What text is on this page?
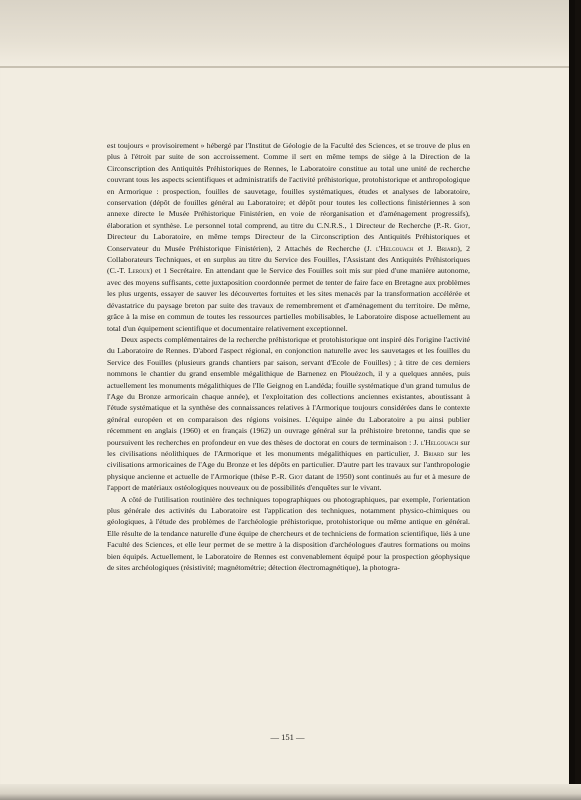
est toujours « provisoirement » hébergé par l'Institut de Géologie de la Faculté des Sciences, et se trouve de plus en plus à l'étroit par suite de son accroissement. Comme il sert en même temps de siège à la Direction de la Circonscription des Antiquités Préhistoriques de Rennes, le Laboratoire constitue au total une unité de recherche couvrant tous les aspects scientifiques et administratifs de l'activité préhistorique, protohistorique et anthropologique en Armorique : prospection, fouilles de sauvetage, fouilles systématiques, études et analyses de laboratoire, conservation (dépôt de fouilles général au Laboratoire; et dépôt pour toutes les collections finistériennes à son annexe directe le Musée Préhistorique Finistérien, en voie de réorganisation et d'aménagement progressifs), élaboration et synthèse. Le personnel total comprend, au titre du C.N.R.S., 1 Directeur de Recherche (P.-R. Giot, Directeur du Laboratoire, en même temps Directeur de la Circonscription des Antiquités Préhistoriques et Conservateur du Musée Préhistorique Finistérien), 2 Attachés de Recherche (J. l'Helgouach et J. Briard), 2 Collaborateurs Techniques, et en surplus au titre du Service des Fouilles, l'Assistant des Antiquités Préhistoriques (C.-T. Leroux) et 1 Secrétaire. En attendant que le Service des Fouilles soit mis sur pied d'une manière autonome, avec des moyens suffisants, cette juxtaposition coordonnée permet de tenter de faire face en Bretagne aux problèmes les plus urgents, essayer de sauver les découvertes fortuites et les sites menacés par la transformation accélérée et dévastatrice du paysage breton par suite des travaux de remembrement et d'aménagement du territoire. De même, grâce à la mise en commun de toutes les ressources partielles mobilisables, le Laboratoire dispose actuellement au total d'un équipement scientifique et documentaire relativement exceptionnel.

Deux aspects complémentaires de la recherche préhistorique et protohistorique ont inspiré dès l'origine l'activité du Laboratoire de Rennes. D'abord l'aspect régional, en conjonction naturelle avec les sauvetages et les fouilles du Service des Fouilles (plusieurs grands chantiers par saison, servant d'Ecole de Fouilles) ; à titre de ces derniers nommons le chantier du grand ensemble mégalithique de Barnenez en Plouézoch, il y a quelques années, puis actuellement les monuments mégalithiques de l'Ile Geignog en Landéda; fouille systématique d'un grand tumulus de l'Age du Bronze armoricain chaque année), et l'exploitation des collections anciennes existantes, aboutissant à l'étude systématique et la synthèse des connaissances relatives à l'Armorique toujours considérées dans le contexte général européen et en comparaison des régions voisines. L'équipe ainée du Laboratoire a pu ainsi publier récemment en anglais (1960) et en français (1962) un ouvrage général sur la préhistoire bretonne, tandis que se poursuivent les recherches en profondeur en vue des thèses de doctorat en cours de terminaison : J. l'Helgouach sur les civilisations néolithiques de l'Armorique et les monuments mégalithiques en particulier, J. Briard sur les civilisations armoricaines de l'Age du Bronze et les dépôts en particulier. D'autre part les travaux sur l'anthropologie physique ancienne et actuelle de l'Armorique (thèse P.-R. Giot datant de 1950) sont continués au fur et à mesure de l'apport de matériaux ostéologiques nouveaux ou de possibilités d'enquêtes sur le vivant.

A côté de l'utilisation routinière des techniques topographiques ou photographiques, par exemple, l'orientation plus générale des activités du Laboratoire est l'application des techniques, notamment physico-chimiques ou géologiques, à l'étude des problèmes de l'archéologie préhistorique, protohistorique ou même antique en général. Elle résulte de la tendance naturelle d'une équipe de chercheurs et de techniciens de formation scientifique, liés à une Faculté des Sciences, et elle leur permet de se mettre à la disposition d'archéologues d'autres formations ou moins bien équipés. Actuellement, le Laboratoire de Rennes est convenablement équipé pour la prospection géophysique de sites archéologiques (résistivité; magnétométrie; détection électromagnétique), la photogra-

— 151 —
